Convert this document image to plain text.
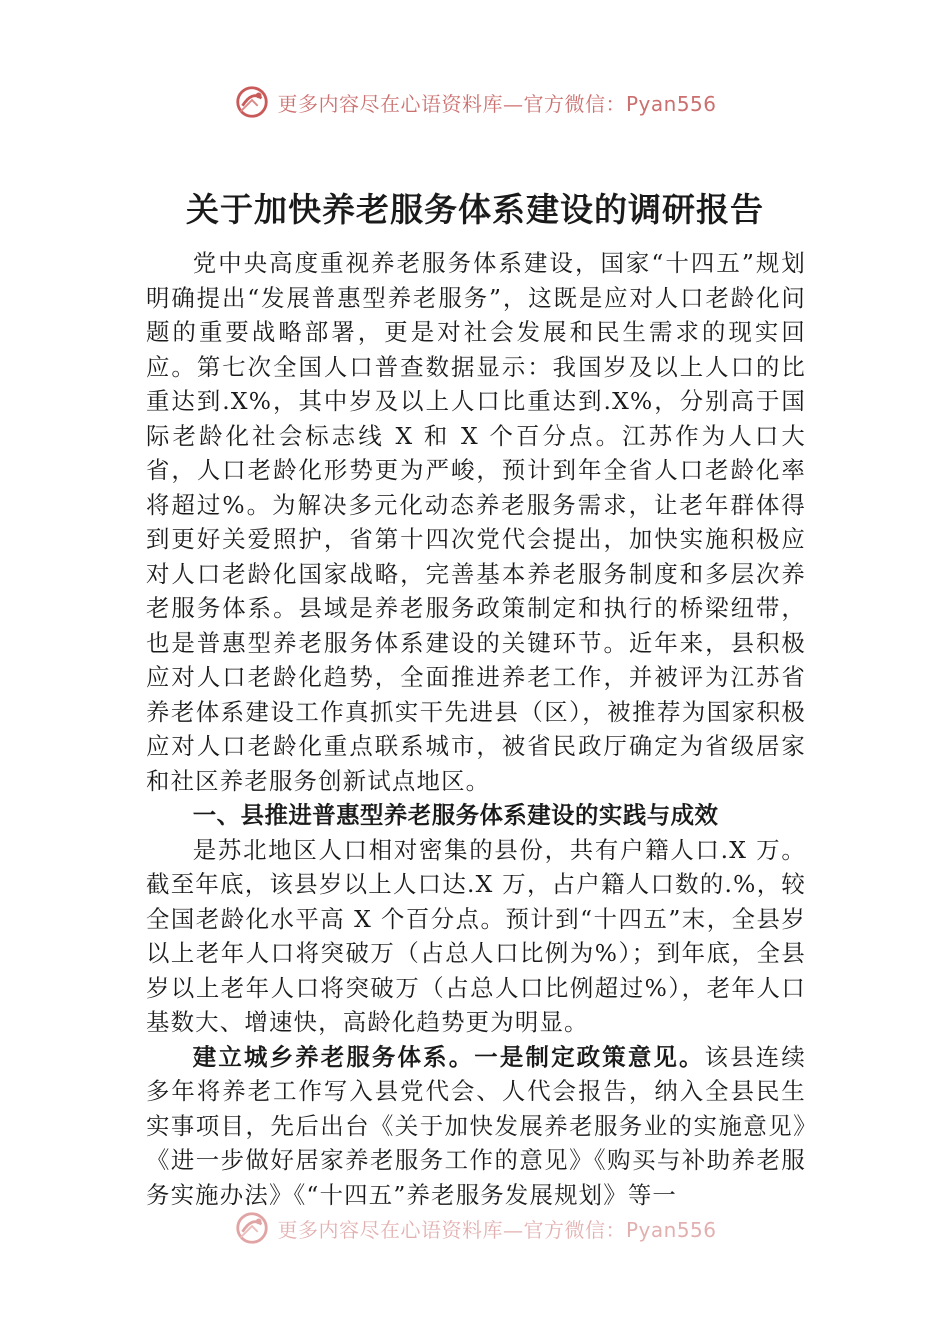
更多内容尽在心语资料库—官方微信：Pyan556
关于加快养老服务体系建设的调研报告

党中央高度重视养老服务体系建设，国家“十四五”规划明确提出“发展普惠型养老服务”，这既是应对人口老龄化问题的重要战略部署，更是对社会发展和民生需求的现实回应。第七次全国人口普查数据显示：我国岁及以上人口的比重达到.X%，其中岁及以上人口比重达到.X%，分别高于国际老龄化社会标志线 X 和 X 个百分点。江苏作为人口大省，人口老龄化形势更为严峻，预计到年全省人口老龄化率将超过%。为解决多元化动态养老服务需求，让老年群体得到更好关爱照护，省第十四次党代会提出，加快实施积极应对人口老龄化国家战略，完善基本养老服务制度和多层次养老服务体系。县域是养老服务政策制定和执行的桥梁纽带，也是普惠型养老服务体系建设的关键环节。近年来，县积极应对人口老龄化趋势，全面推进养老工作，并被评为江苏省养老体系建设工作真抓实干先进县（区），被推荐为国家积极应对人口老龄化重点联系城市，被省民政厅确定为省级居家和社区养老服务创新试点地区。

一、县推进普惠型养老服务体系建设的实践与成效

是苏北地区人口相对密集的县份，共有户籍人口.X 万。截至年底，该县岁以上人口达.X 万，占户籍人口数的.%，较全国老龄化水平高 X 个百分点。预计到“十四五”末，全县岁以上老年人口将突破万（占总人口比例为%）；到年底，全县岁以上老年人口将突破万（占总人口比例超过%），老年人口基数大、增速快，高龄化趋势更为明显。

建立城乡养老服务体系。一是制定政策意见。该县连续多年将养老工作写入县党代会、人代会报告，纳入全县民生实事项目，先后出台《关于加快发展养老服务业的实施意见》《进一步做好居家养老服务工作的意见》《购买与补助养老服务实施办法》《“十四五”养老服务发展规划》等一

更多内容尽在心语资料库—官方微信：Pyan556
